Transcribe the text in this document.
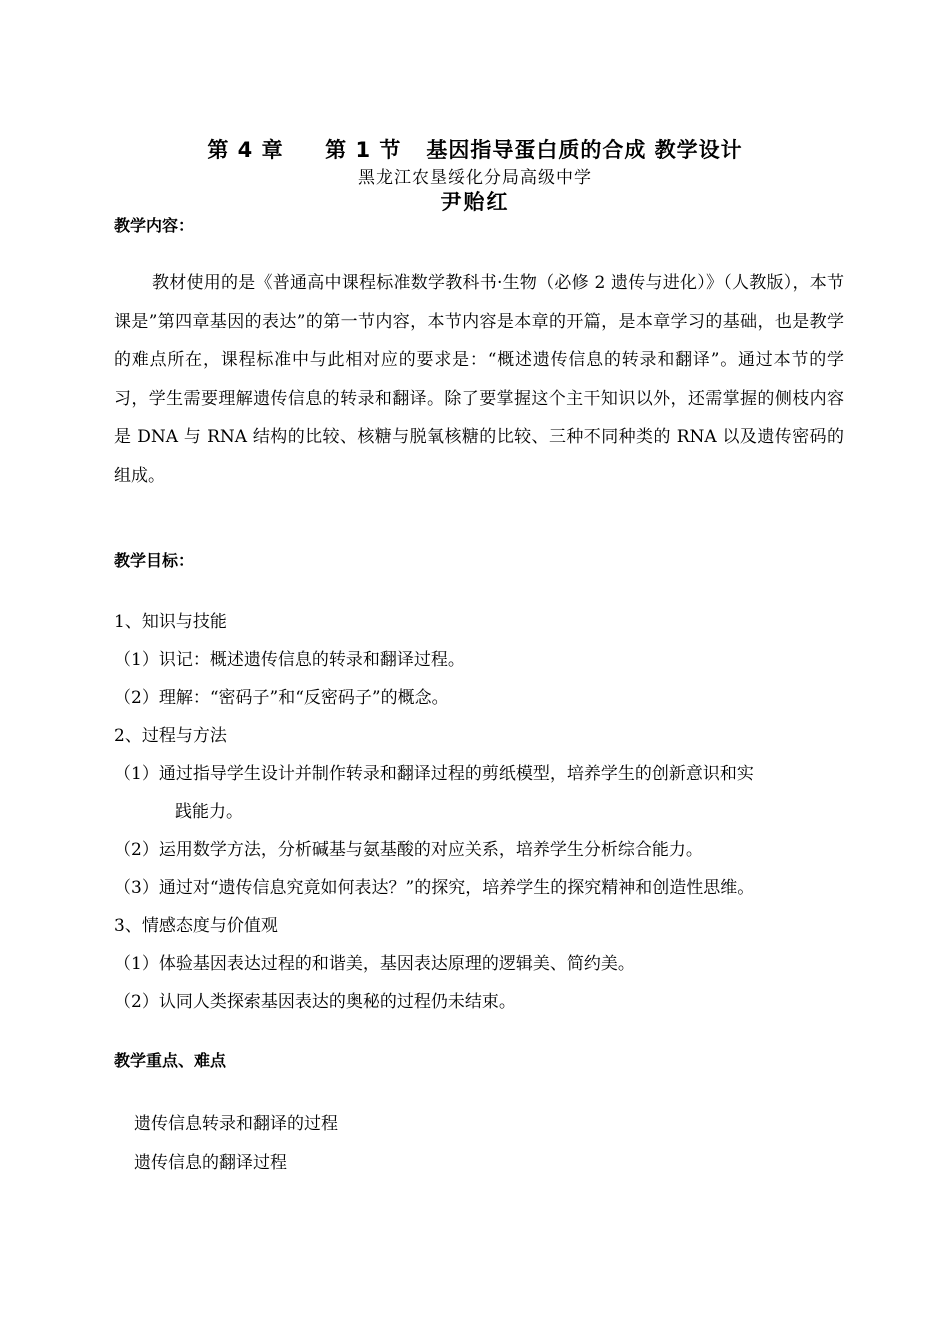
第 4 章     第 1 节   基因指导蛋白质的合成 教学设计
黑龙江农垦绥化分局高级中学
尹贻红
教学内容：
教材使用的是《普通高中课程标准数学教科书·生物（必修 2 遗传与进化）》（人教版），本节课是”第四章基因的表达”的第一节内容，本节内容是本章的开篇，是本章学习的基础，也是教学的难点所在，课程标准中与此相对应的要求是：“概述遗传信息的转录和翻译”。通过本节的学习，学生需要理解遗传信息的转录和翻译。除了要掌握这个主干知识以外，还需掌握的侧枝内容是 DNA 与 RNA 结构的比较、核糖与脱氧核糖的比较、三种不同种类的 RNA 以及遗传密码的组成。
教学目标：
1、知识与技能
（1）识记：概述遗传信息的转录和翻译过程。
（2）理解：“密码子”和“反密码子”的概念。
2、过程与方法
（1）通过指导学生设计并制作转录和翻译过程的剪纸模型，培养学生的创新意识和实
践能力。
（2）运用数学方法，分析碱基与氨基酸的对应关系，培养学生分析综合能力。
（3）通过对“遗传信息究竟如何表达？”的探究，培养学生的探究精神和创造性思维。
3、情感态度与价值观
（1）体验基因表达过程的和谐美，基因表达原理的逻辑美、简约美。
（2）认同人类探索基因表达的奥秘的过程仍未结束。
教学重点、难点
遗传信息转录和翻译的过程
遗传信息的翻译过程
